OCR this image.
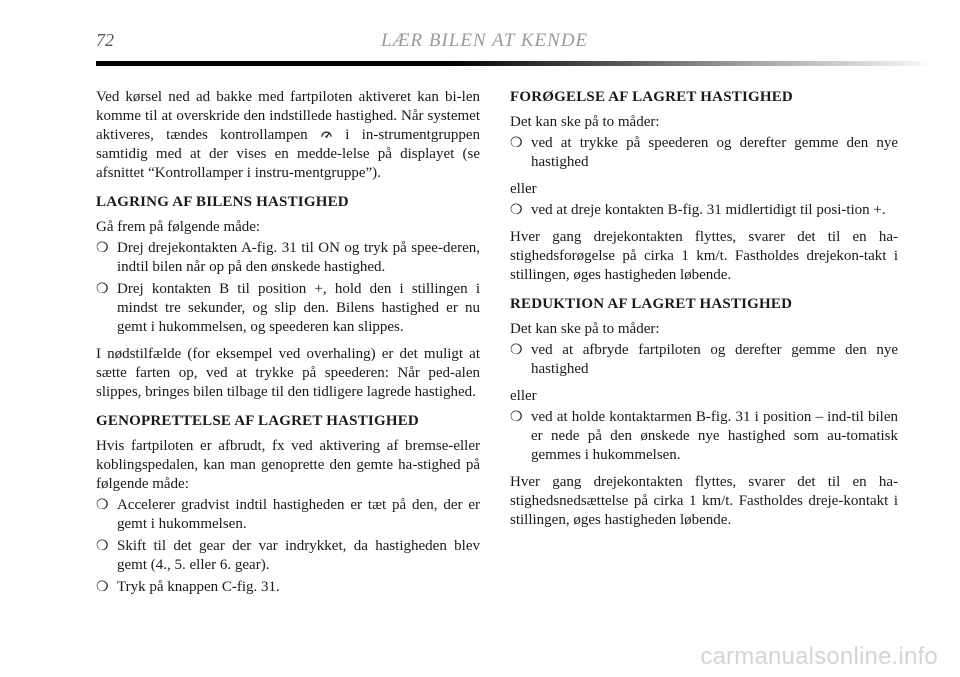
72	LÆR BILEN AT KENDE

Ved kørsel ned ad bakke med fartpiloten aktiveret kan bi-len komme til at overskride den indstillede hastighed. Når systemet aktiveres, tændes kontrollampen	i in-strumentgruppen samtidig med at der vises en medde-lelse på displayet (se afsnittet “Kontrollamper i instru-mentgruppe”).

LAGRING AF BILENS HASTIGHED

Gå frem på følgende måde:

❍ Drej drejekontakten A-fig. 31 til ON og tryk på spee-deren, indtil bilen når op på den ønskede hastighed.
❍ Drej kontakten B til position +, hold den i stillingen i mindst tre sekunder, og slip den. Bilens hastighed er nu gemt i hukommelsen, og speederen kan slippes.

I nødstilfælde (for eksempel ved overhaling) er det muligt at sætte farten op, ved at trykke på speederen: Når ped-alen slippes, bringes bilen tilbage til den tidligere lagrede hastighed.

GENOPRETTELSE AF LAGRET HASTIGHED

Hvis fartpiloten er afbrudt, fx ved aktivering af bremse-eller koblingspedalen, kan man genoprette den gemte ha-stighed på følgende måde:

❍ Accelerer gradvist indtil hastigheden er tæt på den, der er gemt i hukommelsen.
❍ Skift til det gear der var indrykket, da hastigheden blev gemt (4., 5. eller 6. gear).
❍ Tryk på knappen C-fig. 31.
FORØGELSE AF LAGRET HASTIGHED

Det kan ske på to måder:

❍ ved at trykke på speederen og derefter gemme den nye hastighed

eller

❍ ved at dreje kontakten B-fig. 31 midlertidigt til posi-tion +.

Hver gang drejekontakten flyttes, svarer det til en ha-stighedsforøgelse på cirka 1 km/t. Fastholdes drejekon-takt i stillingen, øges hastigheden løbende.

REDUKTION AF LAGRET HASTIGHED

Det kan ske på to måder:

❍ ved at afbryde fartpiloten og derefter gemme den nye hastighed

eller

❍ ved at holde kontaktarmen B-fig. 31 i position – ind-til bilen er nede på den ønskede nye hastighed som au-tomatisk gemmes i hukommelsen.

Hver gang drejekontakten flyttes, svarer det til en ha-stighedsnedsættelse på cirka 1 km/t. Fastholdes dreje-kontakt i stillingen, øges hastigheden løbende.

carmanualsonline.info
